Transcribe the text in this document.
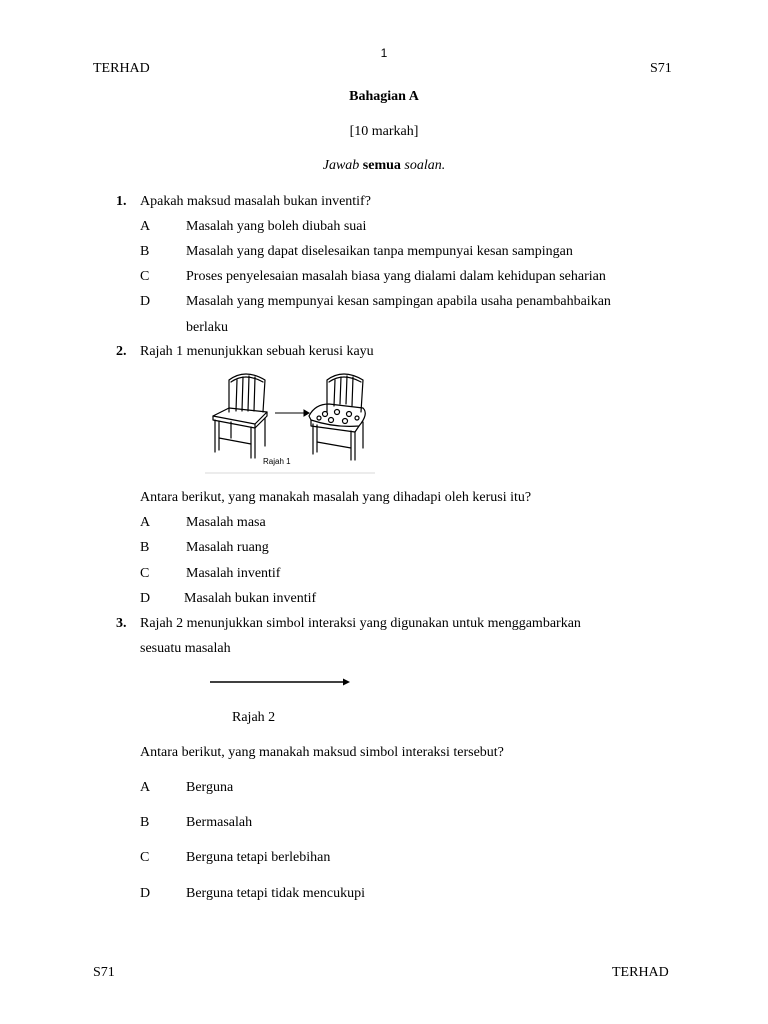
1
TERHAD	S71
Bahagian A
[10 markah]
Jawab semua soalan.
1. Apakah maksud masalah bukan inventif?
A	Masalah yang boleh diubah suai
B	Masalah yang dapat diselesaikan tanpa mempunyai kesan sampingan
C	Proses penyelesaian masalah biasa yang dialami dalam kehidupan seharian
D	Masalah yang mempunyai kesan sampingan apabila usaha penambahbaikan
berlaku
2. Rajah 1 menunjukkan sebuah kerusi kayu
Rajah 1
Antara berikut, yang manakah masalah yang dihadapi oleh kerusi itu?
A	Masalah masa
B	Masalah ruang
C	Masalah inventif
D Masalah bukan inventif
3. Rajah 2 menunjukkan simbol interaksi yang digunakan untuk menggambarkan
sesuatu masalah
Rajah 2
Antara berikut, yang manakah maksud simbol interaksi tersebut?
A	Berguna
B	Bermasalah
C	Berguna tetapi berlebihan
D	Berguna tetapi tidak mencukupi
S71	TERHAD
